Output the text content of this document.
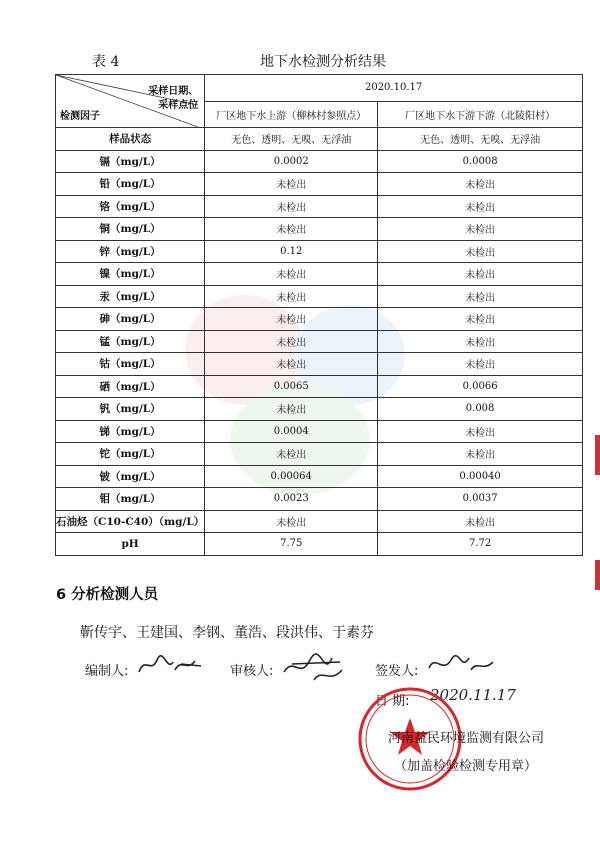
表 4	地下水检测分析结果
采样日期、
采样点位
检测因子	2020.10.17	
	厂区地下水上游（柳林村参照点）	厂区地下水下游下游（北陵阳村）
样品状态	无色、透明、无嗅、无浮油	无色、透明、无嗅、无浮油
镉（mg/L）	0.0002	0.0008
铅（mg/L）	未检出	未检出
铬（mg/L）	未检出	未检出
铜（mg/L）	未检出	未检出
锌（mg/L）	0.12	未检出
镍（mg/L）	未检出	未检出
汞（mg/L）	未检出	未检出
砷（mg/L）	未检出	未检出
锰（mg/L）	未检出	未检出
钴（mg/L）	未检出	未检出
硒（mg/L）	0.0065	0.0066
钒（mg/L）	未检出	0.008
锑（mg/L）	0.0004	未检出
铊（mg/L）	未检出	未检出
铍（mg/L）	0.00064	0.00040
钼（mg/L）	0.0023	0.0037
石油烃（C10-C40）（mg/L）	未检出	未检出
pH	7.75	7.72
6 分析检测人员
靳传宇、王建国、李钢、董浩、段洪伟、于素芬
编制人:	审核人:	签发人:
日 期: 2020.11.17
河南益民环境监测有限公司
（加盖检验检测专用章）
